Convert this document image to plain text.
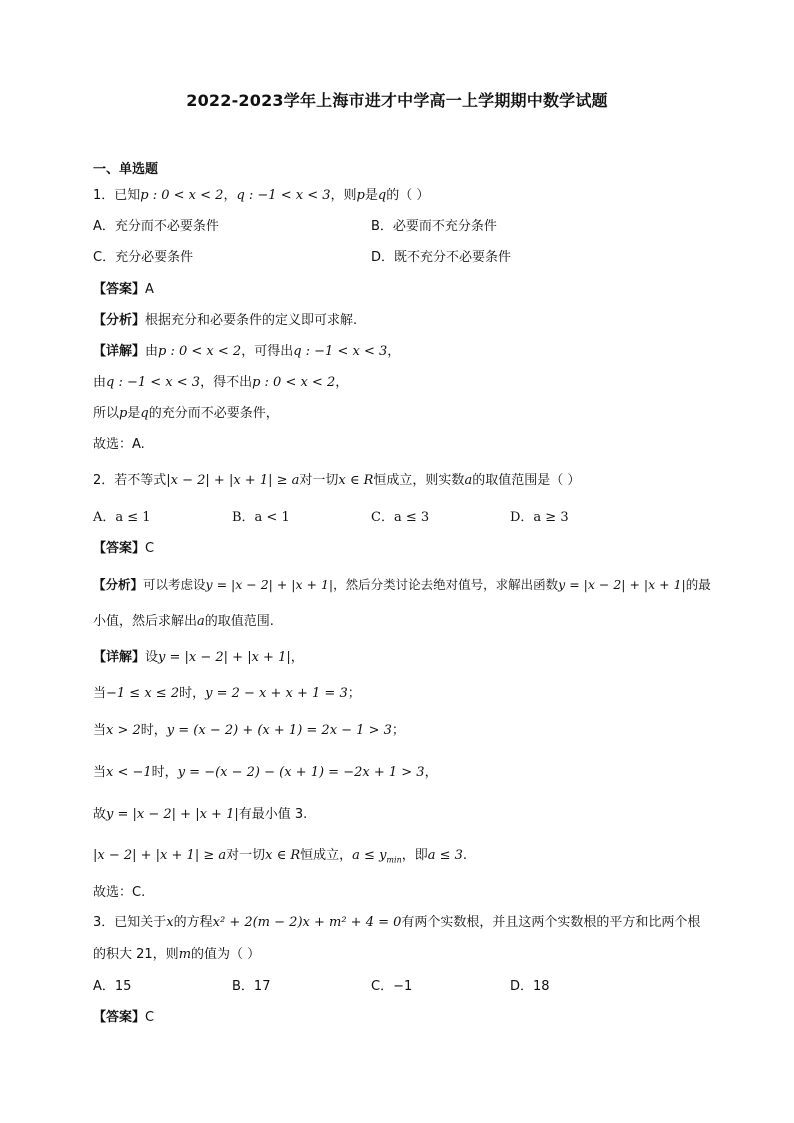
2022-2023学年上海市进才中学高一上学期期中数学试题
一、单选题
1．已知p : 0 < x < 2，q : −1 < x < 3，则p是q的（ ）
A．充分而不必要条件	B．必要而不充分条件
C．充分必要条件	D．既不充分不必要条件
【答案】A
【分析】根据充分和必要条件的定义即可求解.
【详解】由p : 0 < x < 2，可得出q : −1 < x < 3，
由q : −1 < x < 3，得不出p : 0 < x < 2，
所以p是q的充分而不必要条件，
故选：A.
2．若不等式|x − 2| + |x + 1| ≥ a对一切x ∈ R恒成立，则实数a的取值范围是（ ）
A．a ≤ 1	B．a < 1	C．a ≤ 3	D．a ≥ 3
【答案】C
【分析】可以考虑设y = |x − 2| + |x + 1|，然后分类讨论去绝对值号，求解出函数y = |x − 2| + |x + 1|的最
小值，然后求解出a的取值范围.
【详解】设y = |x − 2| + |x + 1|，
当−1 ≤ x ≤ 2时，y = 2 − x + x + 1 = 3；
当x > 2时，y = (x − 2) + (x + 1) = 2x − 1 > 3；
当x < −1时，y = −(x − 2) − (x + 1) = −2x + 1 > 3，
故y = |x − 2| + |x + 1|有最小值 3.
|x − 2| + |x + 1| ≥ a对一切x ∈ R恒成立，$a \le y_{min}$，即a ≤ 3.
故选：C.
3．已知关于x的方程x² + 2(m − 2)x + m² + 4 = 0有两个实数根，并且这两个实数根的平方和比两个根
的积大 21，则m的值为（ ）
A．15	B．17	C．−1	D．18
【答案】C
